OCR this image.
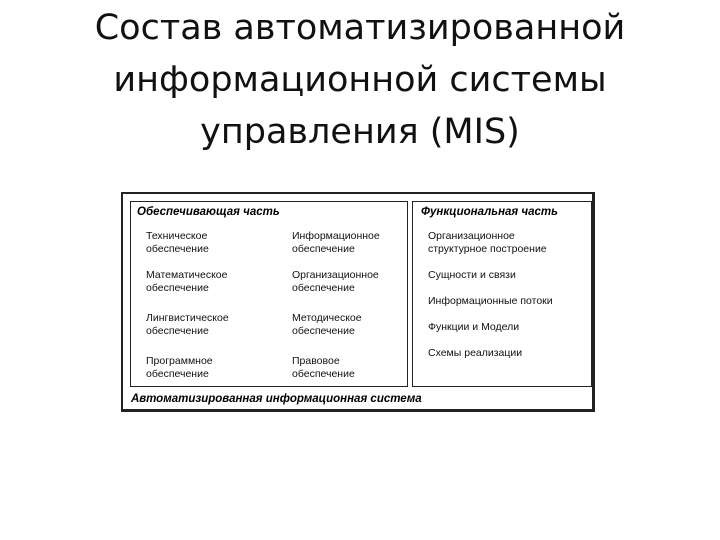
Состав автоматизированной
информационной системы
управления (MIS)
Обеспечивающая часть
Техническое
обеспечение
Информационное
обеспечение
Математическое
обеспечение
Организационное
обеспечение
Лингвистическое
обеспечение
Методическое
обеспечение
Программное
обеспечение
Правовое
обеспечение
Функциональная часть
Организационное
структурное построение
Сущности и связи
Информационные потоки
Функции и Модели
Схемы реализации
Автоматизированная информационная система
